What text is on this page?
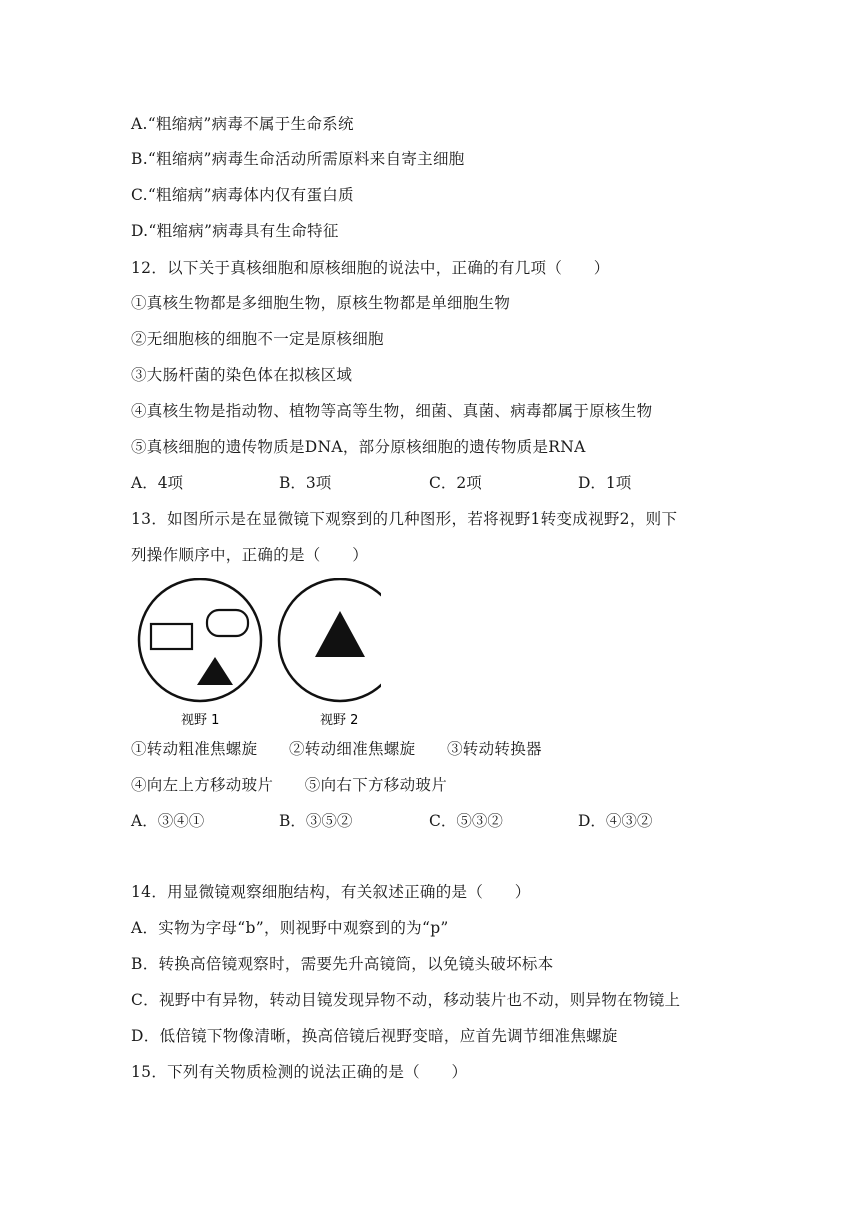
A.“粗缩病”病毒不属于生命系统
B.“粗缩病”病毒生命活动所需原料来自寄主细胞
C.“粗缩病”病毒体内仅有蛋白质
D.“粗缩病”病毒具有生命特征
12．以下关于真核细胞和原核细胞的说法中，正确的有几项（　　）
①真核生物都是多细胞生物，原核生物都是单细胞生物
②无细胞核的细胞不一定是原核细胞
③大肠杆菌的染色体在拟核区域
④真核生物是指动物、植物等高等生物，细菌、真菌、病毒都属于原核生物
⑤真核细胞的遗传物质是DNA，部分原核细胞的遗传物质是RNA
A．4项	B．3项	C．2项	D．1项
13．如图所示是在显微镜下观察到的几种图形，若将视野1转变成视野2，则下
列操作顺序中，正确的是（　　）
视野 1	视野 2
①转动粗准焦螺旋　　②转动细准焦螺旋　　③转动转换器
④向左上方移动玻片　　⑤向右下方移动玻片
A．③④①	B．③⑤②	C．⑤③②	D．④③②
14．用显微镜观察细胞结构，有关叙述正确的是（　　）
A．实物为字母“b”，则视野中观察到的为“p”
B．转换高倍镜观察时，需要先升高镜筒，以免镜头破坏标本
C．视野中有异物，转动目镜发现异物不动，移动装片也不动，则异物在物镜上
D．低倍镜下物像清晰，换高倍镜后视野变暗，应首先调节细准焦螺旋
15．下列有关物质检测的说法正确的是（　　）
